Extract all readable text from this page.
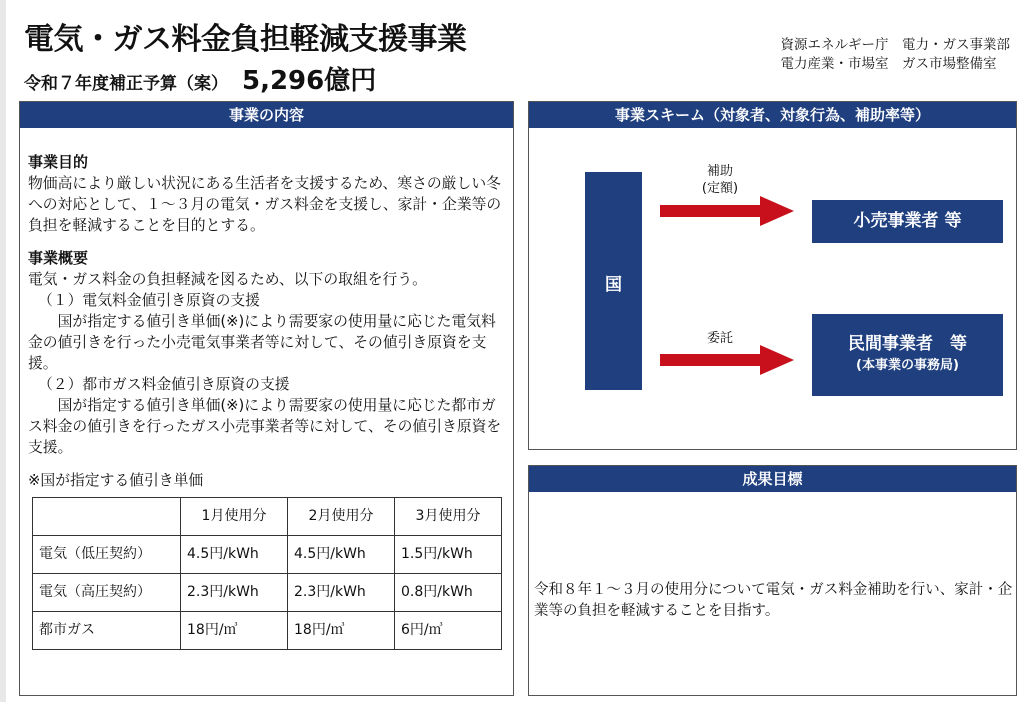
電気・ガス料金負担軽減支援事業
令和７年度補正予算（案） 5,296億円
資源エネルギー庁　電力・ガス事業部
電力産業・市場室　ガス市場整備室
事業の内容
事業目的

物価高により厳しい状況にある生活者を支援するため、寒さの厳しい冬への対応として、１～３月の電気・ガス料金を支援し、家計・企業等の負担を軽減することを目的とする。

事業概要

電気・ガス料金の負担軽減を図るため、以下の取組を行う。

（１）電気料金値引き原資の支援

国が指定する値引き単価(※)により需要家の使用量に応じた電気料金の値引きを行った小売電気事業者等に対して、その値引き原資を支援。

（２）都市ガス料金値引き原資の支援

国が指定する値引き単価(※)により需要家の使用量に応じた都市ガス料金の値引きを行ったガス小売事業者等に対して、その値引き原資を支援。

※国が指定する値引き単価
	1月使用分	2月使用分	3月使用分
電気（低圧契約）	4.5円/kWh	4.5円/kWh	1.5円/kWh
電気（高圧契約）	2.3円/kWh	2.3円/kWh	0.8円/kWh
都市ガス	18円/㎥	18円/㎥	6円/㎥
事業スキーム（対象者、対象行為、補助率等）
国
補助
(定額)
委託
小売事業者 等
民間事業者　等
(本事業の事務局)
成果目標
令和８年１～３月の使用分について電気・ガス料金補助を行い、家計・企業等の負担を軽減することを目指す。
